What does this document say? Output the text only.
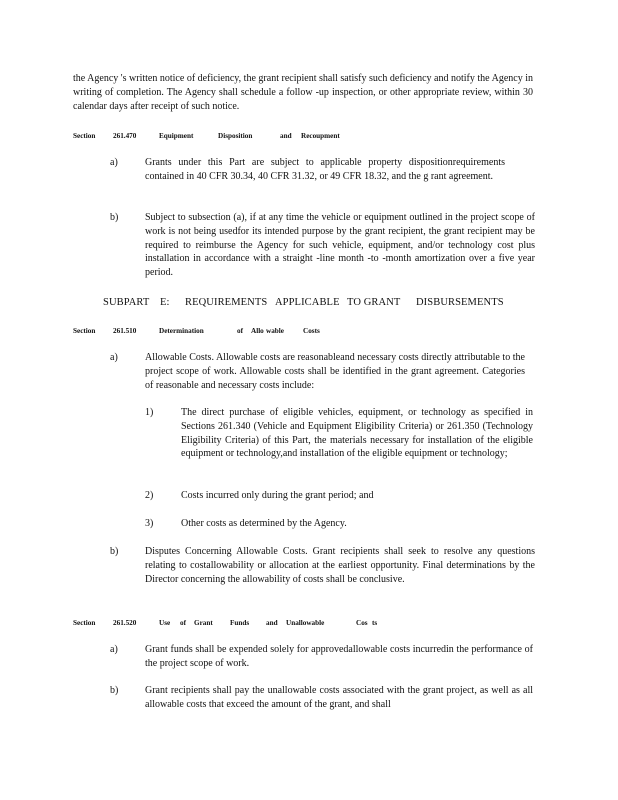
the Agency 's written notice of deficiency, the grant recipient shall satisfy such deficiency and notify the Agency in writing of completion. The Agency shall schedule a follow -up inspection, or other appropriate review, within 30 calendar days after receipt of such notice.
Section 261.470	Equipment	Disposition	and Recoupment
a)	Grants under this Part are subject to applicable property dispositionrequirements contained in 40 CFR 30.34, 40 CFR 31.32, or 49 CFR 18.32, and the g rant agreement.
b)	Subject to subsection (a), if at any time the vehicle or equipment outlined in the project scope of work is not being usedfor its intended purpose by the grant recipient, the grant recipient may be required to reimburse the Agency for such vehicle, equipment, and/or technology cost plus installation in accordance with a straight -line month -to -month amortization over a five year period.
SUBPART E: REQUIREMENTS APPLICABLE TO GRANT DISBURSEMENTS
Section 261.510	Determination	of Allo wable	Costs
a)	Allowable Costs. Allowable costs are reasonableand necessary costs directly attributable to the project scope of work. Allowable costs shall be identified in the grant agreement. Categories of reasonable and necessary costs include:
1)	The direct purchase of eligible vehicles, equipment, or technology as specified in Sections 261.340 (Vehicle and Equipment Eligibility Criteria) or 261.350 (Technology Eligibility Criteria) of this Part, the materials necessary for installation of the eligible equipment or technology,and installation of the eligible equipment or technology;
2)	Costs incurred only during the grant period; and
3)	Other costs as determined by the Agency.
b)	Disputes Concerning Allowable Costs. Grant recipients shall seek to resolve any questions relating to costallowability or allocation at the earliest opportunity. Final determinations by the Director concerning the allowability of costs shall be conclusive.
Section 261.520	Use of Grant Funds and Unallowable	Cos ts
a)	Grant funds shall be expended solely for approvedallowable costs incurredin the performance of the project scope of work.
b)	Grant recipients shall pay the unallowable costs associated with the grant project, as well as all allowable costs that exceed the amount of the grant, and shall
